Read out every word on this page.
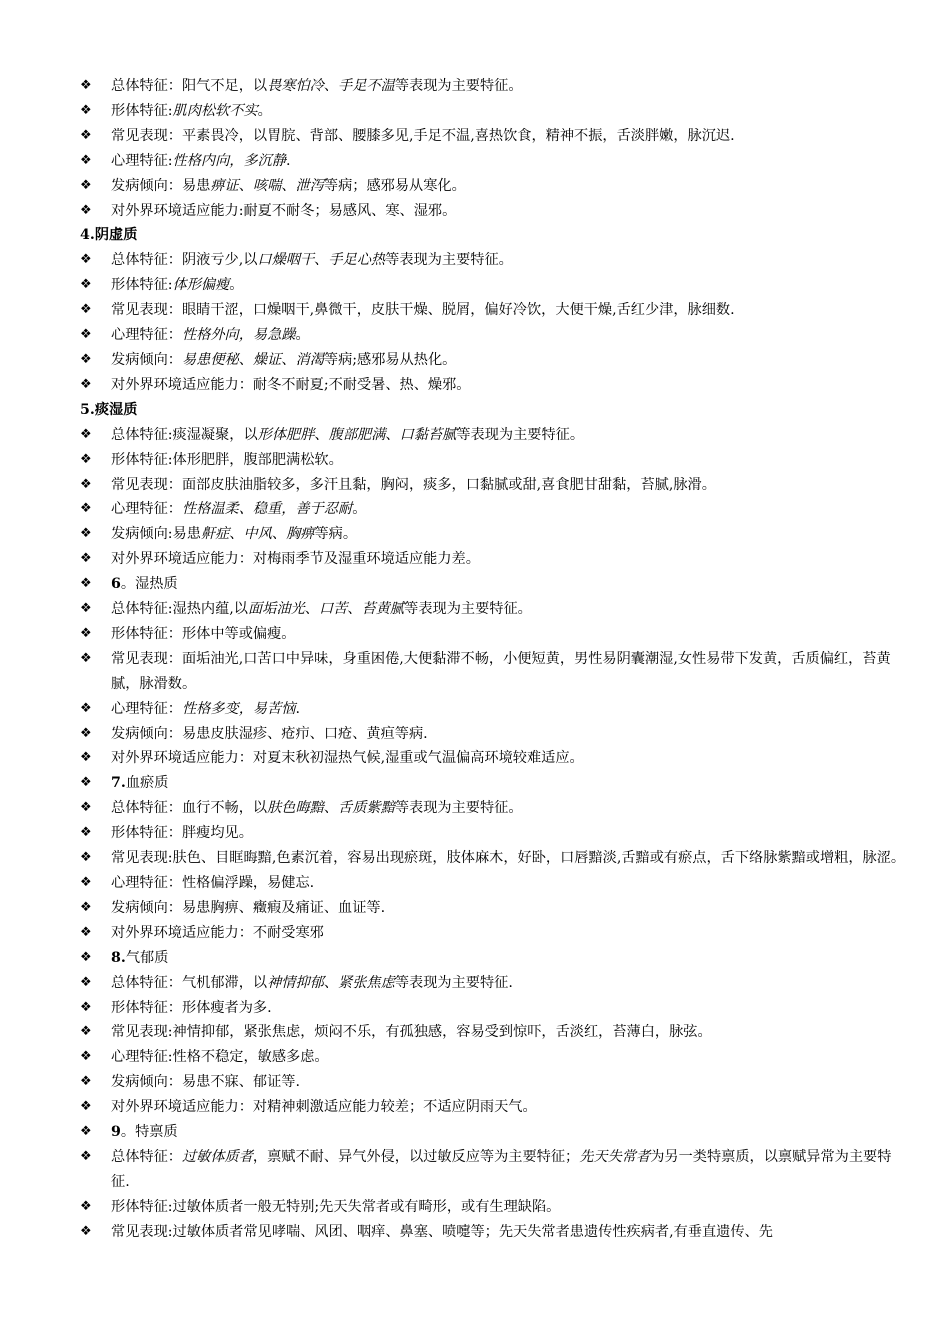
❖	总体特征：阳气不足，以畏寒怕冷、手足不温等表现为主要特征。
❖	形体特征:肌肉松软不实。
❖	常见表现：平素畏冷，以胃脘、背部、腰膝多见,手足不温,喜热饮食，精神不振，舌淡胖嫩，脉沉迟.
❖	心理特征:性格内向，多沉静.
❖	发病倾向：易患痹证、咳喘、泄泻等病；感邪易从寒化。
❖	对外界环境适应能力:耐夏不耐冬；易感风、寒、湿邪。
4.阴虚质
❖	总体特征：阴液亏少,以口燥咽干、手足心热等表现为主要特征。
❖	形体特征:体形偏瘦。
❖	常见表现：眼睛干涩，口燥咽干,鼻微干，皮肤干燥、脱屑，偏好冷饮，大便干燥,舌红少津，脉细数.
❖	心理特征：性格外向，易急躁。
❖	发病倾向：易患便秘、燥证、消渴等病;感邪易从热化。
❖	对外界环境适应能力：耐冬不耐夏;不耐受暑、热、燥邪。
5.痰湿质
❖	总体特征:痰湿凝聚，以形体肥胖、腹部肥满、口黏苔腻等表现为主要特征。
❖	形体特征:体形肥胖，腹部肥满松软。
❖	常见表现：面部皮肤油脂较多，多汗且黏，胸闷，痰多，口黏腻或甜,喜食肥甘甜黏，苔腻,脉滑。
❖	心理特征：性格温柔、稳重，善于忍耐。
❖	发病倾向:易患鼾症、中风、胸痹等病。
❖	对外界环境适应能力：对梅雨季节及湿重环境适应能力差。
❖	6。湿热质
❖	总体特征:湿热内蕴,以面垢油光、口苦、苔黄腻等表现为主要特征。
❖	形体特征：形体中等或偏瘦。
❖	常见表现：面垢油光,口苦口中异味，身重困倦,大便黏滞不畅，小便短黄，男性易阴囊潮湿,女性易带下发黄，舌质偏红，苔黄腻，脉滑数。
❖	心理特征：性格多变，易苦恼.
❖	发病倾向：易患皮肤湿疹、疮疖、口疮、黄疸等病.
❖	对外界环境适应能力：对夏末秋初湿热气候,湿重或气温偏高环境较难适应。
❖	7.血瘀质
❖	总体特征：血行不畅，以肤色晦黯、舌质紫黯等表现为主要特征。
❖	形体特征：胖瘦均见。
❖	常见表现:肤色、目眶晦黯,色素沉着，容易出现瘀斑，肢体麻木，好卧，口唇黯淡,舌黯或有瘀点，舌下络脉紫黯或增粗，脉涩。
❖	心理特征：性格偏浮躁，易健忘.
❖	发病倾向：易患胸痹、癥瘕及痛证、血证等.
❖	对外界环境适应能力：不耐受寒邪
❖	8.气郁质
❖	总体特征：气机郁滞，以神情抑郁、紧张焦虑等表现为主要特征.
❖	形体特征：形体瘦者为多.
❖	常见表现:神情抑郁，紧张焦虑，烦闷不乐，有孤独感，容易受到惊吓，舌淡红，苔薄白，脉弦。
❖	心理特征:性格不稳定，敏感多虑。
❖	发病倾向：易患不寐、郁证等.
❖	对外界环境适应能力：对精神刺激适应能力较差；不适应阴雨天气。
❖	9。特禀质
❖	总体特征：过敏体质者，禀赋不耐、异气外侵，以过敏反应等为主要特征；先天失常者为另一类特禀质，以禀赋异常为主要特征.
❖	形体特征:过敏体质者一般无特别;先天失常者或有畸形，或有生理缺陷。
❖	常见表现:过敏体质者常见哮喘、风团、咽痒、鼻塞、喷嚏等；先天失常者患遗传性疾病者,有垂直遗传、先
